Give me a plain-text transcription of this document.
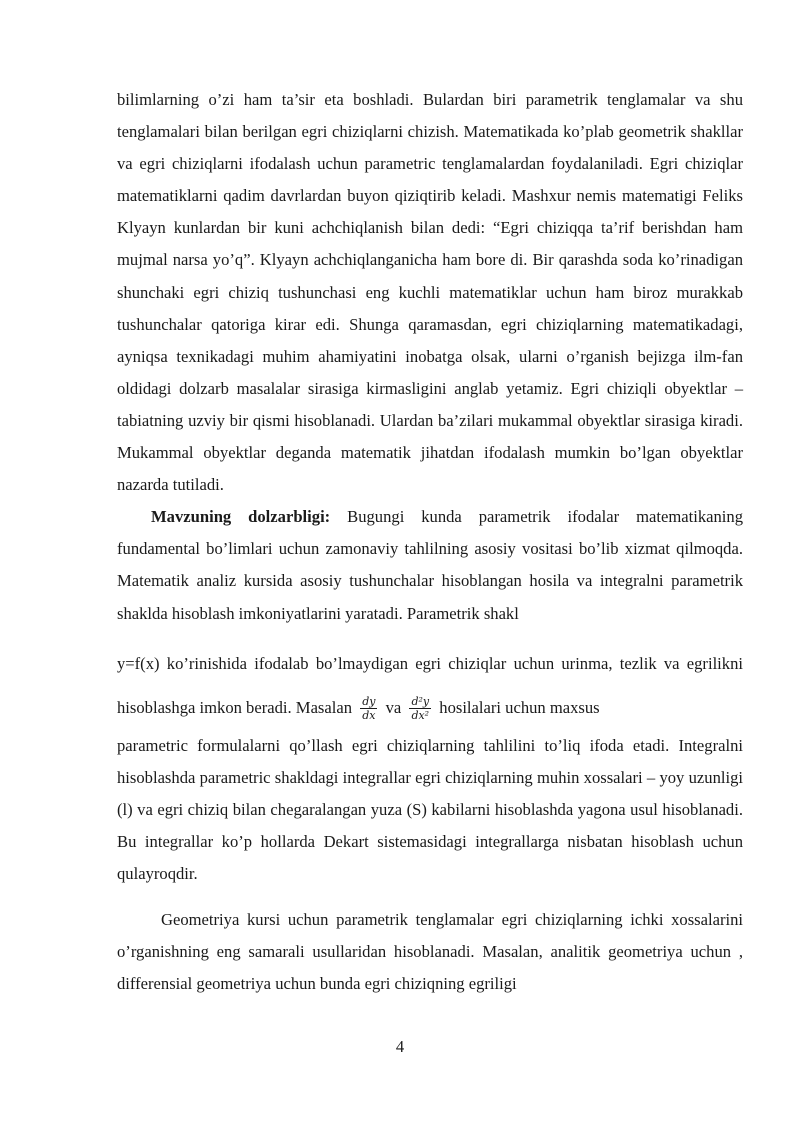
bilimlarning o’zi ham ta’sir eta boshladi. Bulardan biri parametrik tenglamalar va shu tenglamalari bilan berilgan egri chiziqlarni chizish. Matematikada ko’plab geometrik shakllar va egri chiziqlarni ifodalash uchun parametric tenglamalardan foydalaniladi. Egri chiziqlar matematiklarni qadim davrlardan buyon qiziqtirib keladi. Mashxur nemis matematigi Feliks Klyayn kunlardan bir kuni achchiqlanish bilan dedi: “Egri chiziqqa ta’rif berishdan ham mujmal narsa yo’q”. Klyayn achchiqlanganicha ham bore di. Bir qarashda soda ko’rinadigan shunchaki egri chiziq tushunchasi eng kuchli matematiklar uchun ham biroz murakkab tushunchalar qatoriga kirar edi. Shunga qaramasdan, egri chiziqlarning matematikadagi, ayniqsa texnikadagi muhim ahamiyatini inobatga olsak, ularni o’rganish bejizga ilm-fan oldidagi dolzarb masalalar sirasiga kirmasligini anglab yetamiz. Egri chiziqli obyektlar – tabiatning uzviy bir qismi hisoblanadi. Ulardan ba’zilari mukammal obyektlar sirasiga kiradi. Mukammal obyektlar deganda matematik jihatdan ifodalash mumkin bo’lgan obyektlar nazarda tutiladi.

Mavzuning dolzarbligi: Bugungi kunda parametrik ifodalar matematikaning fundamental bo’limlari uchun zamonaviy tahlilning asosiy vositasi bo’lib xizmat qilmoqda. Matematik analiz kursida asosiy tushunchalar hisoblangan hosila va integralni parametrik shaklda hisoblash imkoniyatlarini yaratadi. Parametrik shakl

y=f(x) ko’rinishida ifodalab bo’lmaydigan egri chiziqlar uchun urinma, tezlik va egrilikni hisoblashga imkon beradi. Masalan $\frac{dy}{dx}$ va $\frac{\text{d²y}}{\text{dx²}}$ hosilalari uchun maxsus

parametric formulalarni qo’llash egri chiziqlarning tahlilini to’liq ifoda etadi. Integralni hisoblashda parametric shakldagi integrallar egri chiziqlarning muhin xossalari – yoy uzunligi (l) va egri chiziq bilan chegaralangan yuza (S) kabilarni hisoblashda yagona usul hisoblanadi. Bu integrallar ko’p hollarda Dekart sistemasidagi integrallarga nisbatan hisoblash uchun qulayroqdir.

Geometriya kursi uchun parametrik tenglamalar egri chiziqlarning ichki xossalarini o’rganishning eng samarali usullaridan hisoblanadi. Masalan, analitik geometriya uchun , differensial geometriya uchun bunda egri chiziqning egriligi

4
